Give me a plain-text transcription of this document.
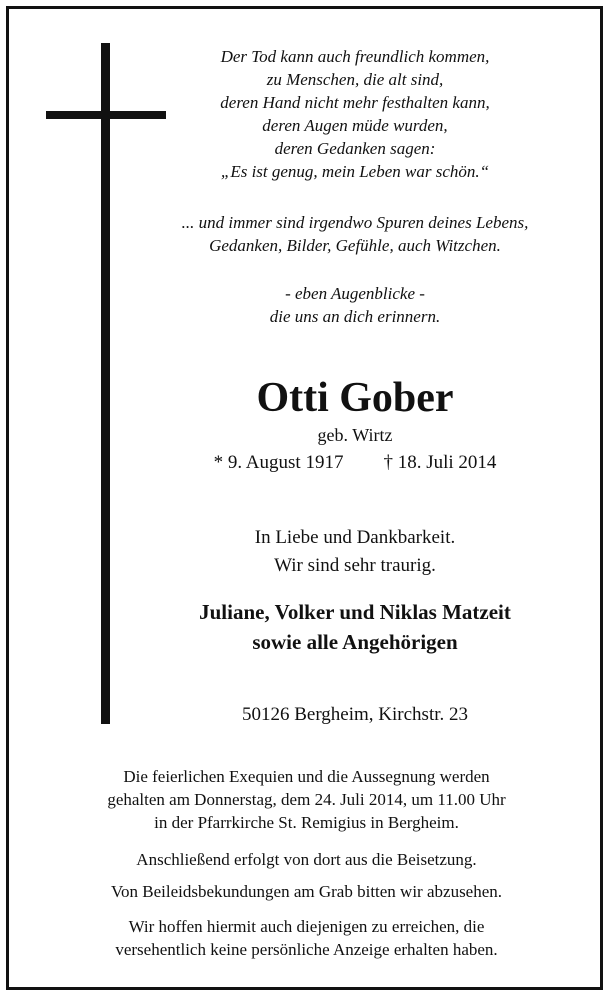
Der Tod kann auch freundlich kommen,
zu Menschen, die alt sind,
deren Hand nicht mehr festhalten kann,
deren Augen müde wurden,
deren Gedanken sagen:
„Es ist genug, mein Leben war schön.“
... und immer sind irgendwo Spuren deines Lebens,
Gedanken, Bilder, Gefühle, auch Witzchen.
- eben Augenblicke -
die uns an dich erinnern.
Otti Gober
geb. Wirtz
* 9. August 1917 † 18. Juli 2014
In Liebe und Dankbarkeit.
Wir sind sehr traurig.
Juliane, Volker und Niklas Matzeit
sowie alle Angehörigen
50126 Bergheim, Kirchstr. 23
Die feierlichen Exequien und die Aussegnung werden
gehalten am Donnerstag, dem 24. Juli 2014, um 11.00 Uhr
in der Pfarrkirche St. Remigius in Bergheim.
Anschließend erfolgt von dort aus die Beisetzung.
Von Beileidsbekundungen am Grab bitten wir abzusehen.
Wir hoffen hiermit auch diejenigen zu erreichen, die
versehentlich keine persönliche Anzeige erhalten haben.
